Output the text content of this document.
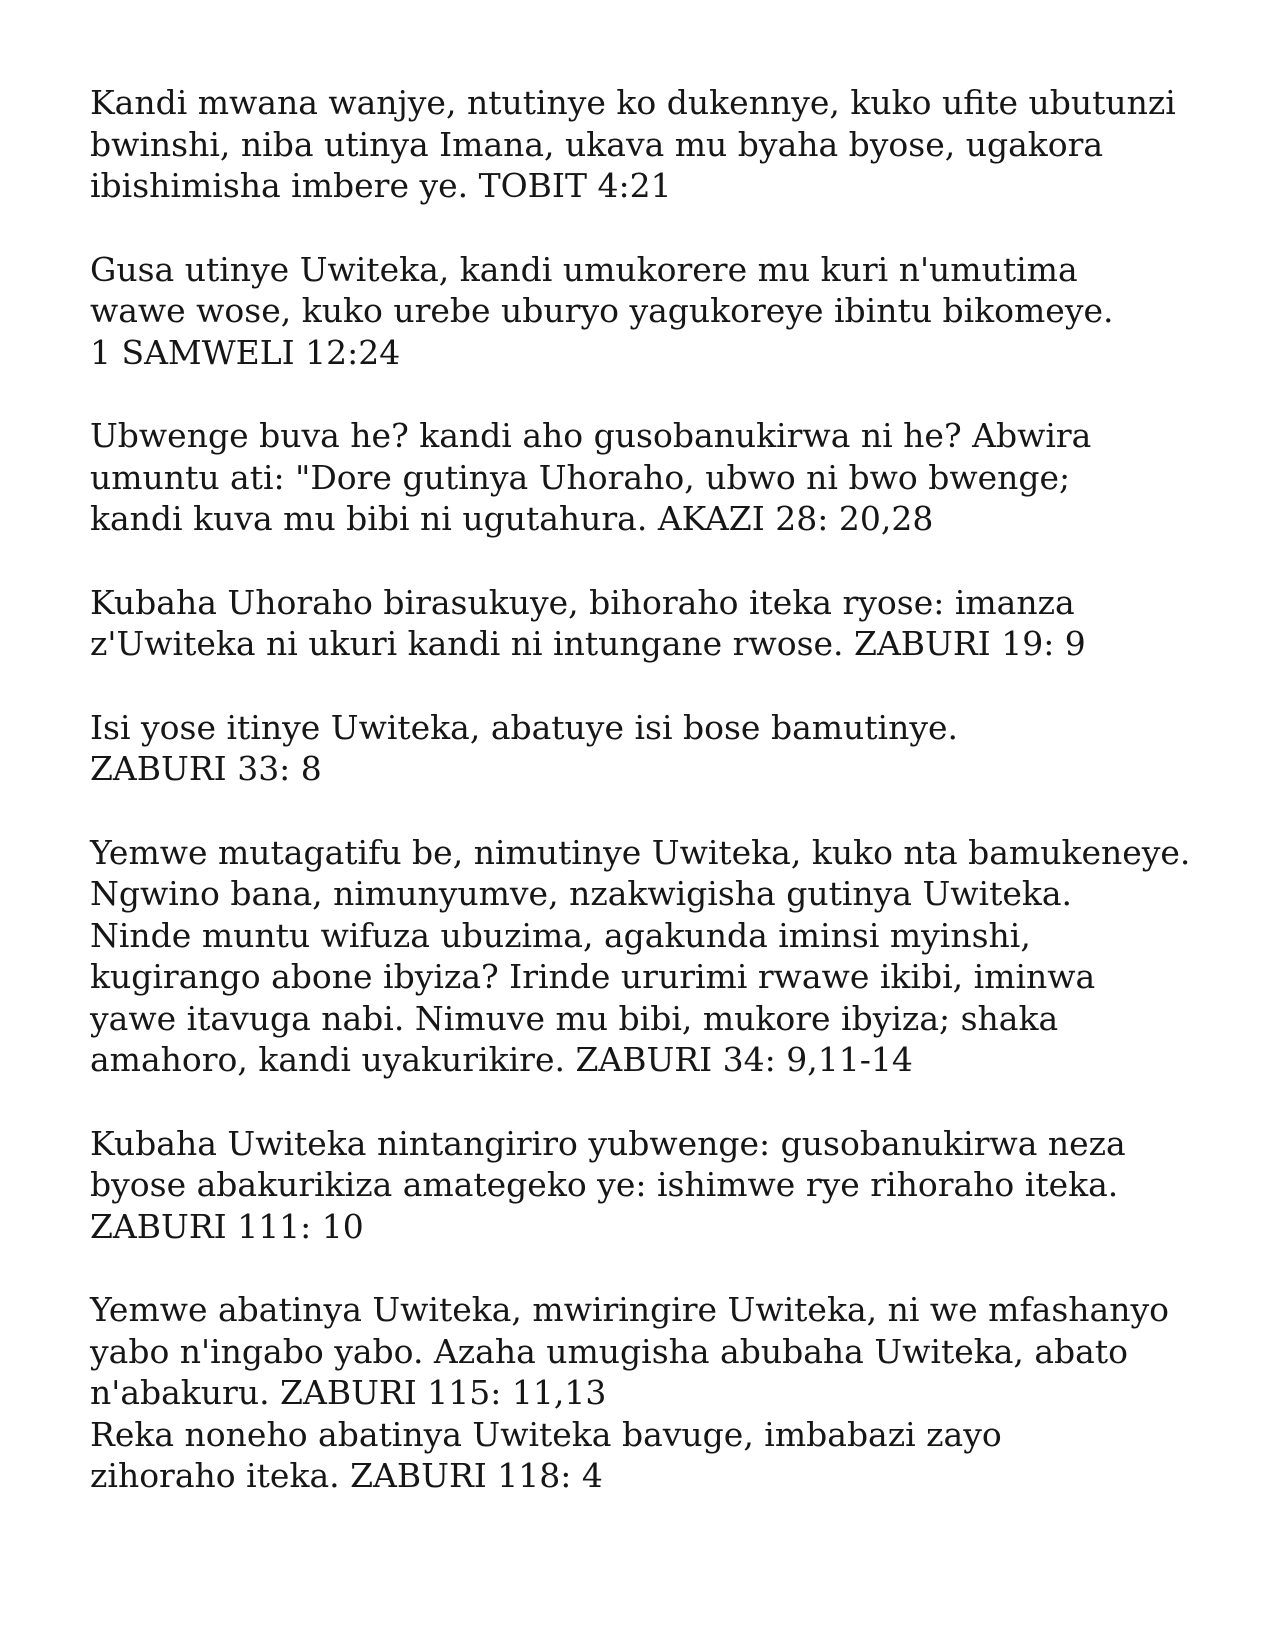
Kandi mwana wanjye, ntutinye ko dukennye, kuko ufite ubutunzi
bwinshi, niba utinya Imana, ukava mu byaha byose, ugakora
ibishimisha imbere ye. TOBIT 4:21
Gusa utinye Uwiteka, kandi umukorere mu kuri n'umutima
wawe wose, kuko urebe uburyo yagukoreye ibintu bikomeye.
1 SAMWELI 12:24
Ubwenge buva he? kandi aho gusobanukirwa ni he? Abwira
umuntu ati: "Dore gutinya Uhoraho, ubwo ni bwo bwenge;
kandi kuva mu bibi ni ugutahura. AKAZI 28: 20,28
Kubaha Uhoraho birasukuye, bihoraho iteka ryose: imanza
z'Uwiteka ni ukuri kandi ni intungane rwose. ZABURI 19: 9
Isi yose itinye Uwiteka, abatuye isi bose bamutinye.
ZABURI 33: 8
Yemwe mutagatifu be, nimutinye Uwiteka, kuko nta bamukeneye.
Ngwino bana, nimunyumve, nzakwigisha gutinya Uwiteka.
Ninde muntu wifuza ubuzima, agakunda iminsi myinshi,
kugirango abone ibyiza? Irinde ururimi rwawe ikibi, iminwa
yawe itavuga nabi. Nimuve mu bibi, mukore ibyiza; shaka
amahoro, kandi uyakurikire. ZABURI 34: 9,11-14
Kubaha Uwiteka nintangiriro yubwenge: gusobanukirwa neza
byose abakurikiza amategeko ye: ishimwe rye rihoraho iteka.
ZABURI 111: 10
Yemwe abatinya Uwiteka, mwiringire Uwiteka, ni we mfashanyo
yabo n'ingabo yabo. Azaha umugisha abubaha Uwiteka, abato
n'abakuru. ZABURI 115: 11,13
Reka noneho abatinya Uwiteka bavuge, imbabazi zayo
zihoraho iteka. ZABURI 118: 4
